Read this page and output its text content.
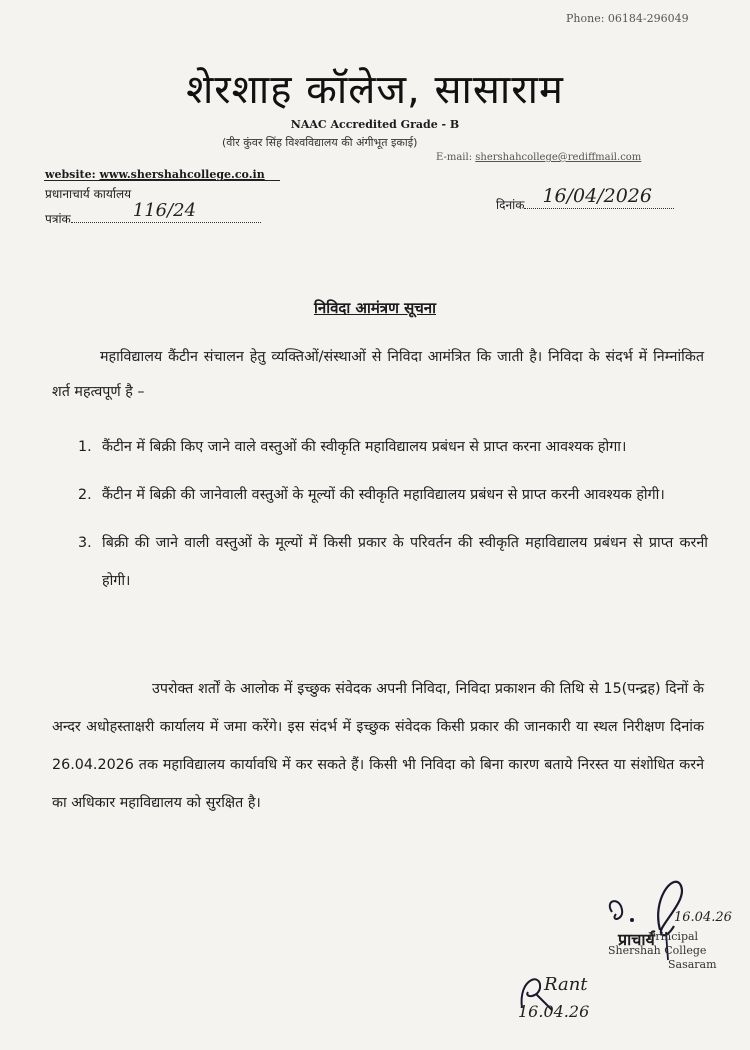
Phone: 06184-296049
शेरशाह कॉलेज, सासाराम
NAAC Accredited Grade - B
(वीर कुंवर सिंह विश्वविद्यालय की अंगीभूत इकाई)
E-mail: shershahcollege@rediffmail.com
website: www.shershahcollege.co.in
प्रधानाचार्य कार्यालय
पत्रांक	116/24	दिनांक 16/04/2026
निविदा आमंत्रण सूचना
महाविद्यालय कैंटीन संचालन हेतु व्यक्तिओं/संस्थाओं से निविदा आमंत्रित कि जाती है। निविदा के संदर्भ में निम्नांकित शर्त महत्वपूर्ण है –
1. कैंटीन में बिक्री किए जाने वाले वस्तुओं की स्वीकृति महाविद्यालय प्रबंधन से प्राप्त करना आवश्यक होगा।
2. कैंटीन में बिक्री की जानेवाली वस्तुओं के मूल्यों की स्वीकृति महाविद्यालय प्रबंधन से प्राप्त करनी आवश्यक होगी।
3. बिक्री की जाने वाली वस्तुओं के मूल्यों में किसी प्रकार के परिवर्तन की स्वीकृति महाविद्यालय प्रबंधन से प्राप्त करनी होगी।
उपरोक्त शर्तों के आलोक में इच्छुक संवेदक अपनी निविदा, निविदा प्रकाशन की तिथि से 15(पन्द्रह) दिनों के अन्दर अधोहस्ताक्षरी कार्यालय में जमा करेंगे। इस संदर्भ में इच्छुक संवेदक किसी प्रकार की जानकारी या स्थल निरीक्षण दिनांक 26.04.2026 तक महाविद्यालय कार्यावधि में कर सकते हैं। किसी भी निविदा को बिना कारण बताये निरस्त या संशोधित करने का अधिकार महाविद्यालय को सुरक्षित है।
16.04.26
प्राचार्य
Principal
Shershah College
Sasaram
Rant
16.04.26
